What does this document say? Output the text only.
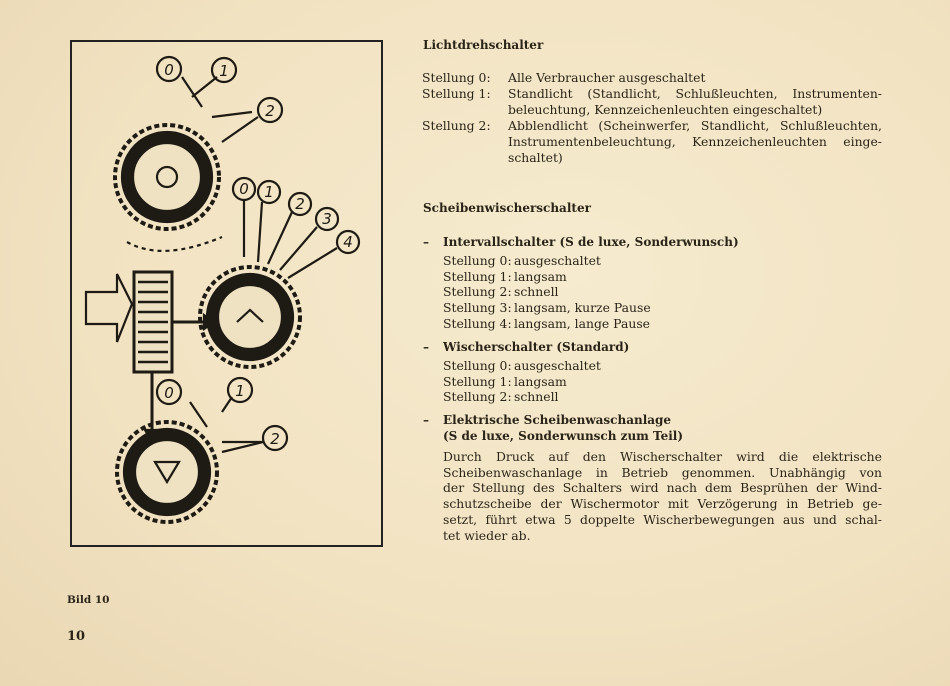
0	1
2
0 1
2
3
4
0	1
2
Bild 10
10
Lichtdrehschalter
Stellung 0: Alle Verbraucher ausgeschaltet
Stellung 1: Standlicht (Standlicht, Schlußleuchten, Instrumenten-
beleuchtung, Kennzeichenleuchten eingeschaltet)
Stellung 2: Abblendlicht (Scheinwerfer, Standlicht, Schlußleuchten,
Instrumentenbeleuchtung, Kennzeichenleuchten einge-
schaltet)
Scheibenwischerschalter
– Intervallschalter (S de luxe, Sonderwunsch)
Stellung 0: ausgeschaltet
Stellung 1: langsam
Stellung 2: schnell
Stellung 3: langsam, kurze Pause
Stellung 4: langsam, lange Pause
– Wischerschalter (Standard)
Stellung 0: ausgeschaltet
Stellung 1: langsam
Stellung 2: schnell
– Elektrische Scheibenwaschanlage
(S de luxe, Sonderwunsch zum Teil)
Durch Druck auf den Wischerschalter wird die elektrische
Scheibenwaschanlage in Betrieb genommen. Unabhängig von
der Stellung des Schalters wird nach dem Besprühen der Wind-
schutzscheibe der Wischermotor mit Verzögerung in Betrieb ge-
setzt, führt etwa 5 doppelte Wischerbewegungen aus und schal-
tet wieder ab.
